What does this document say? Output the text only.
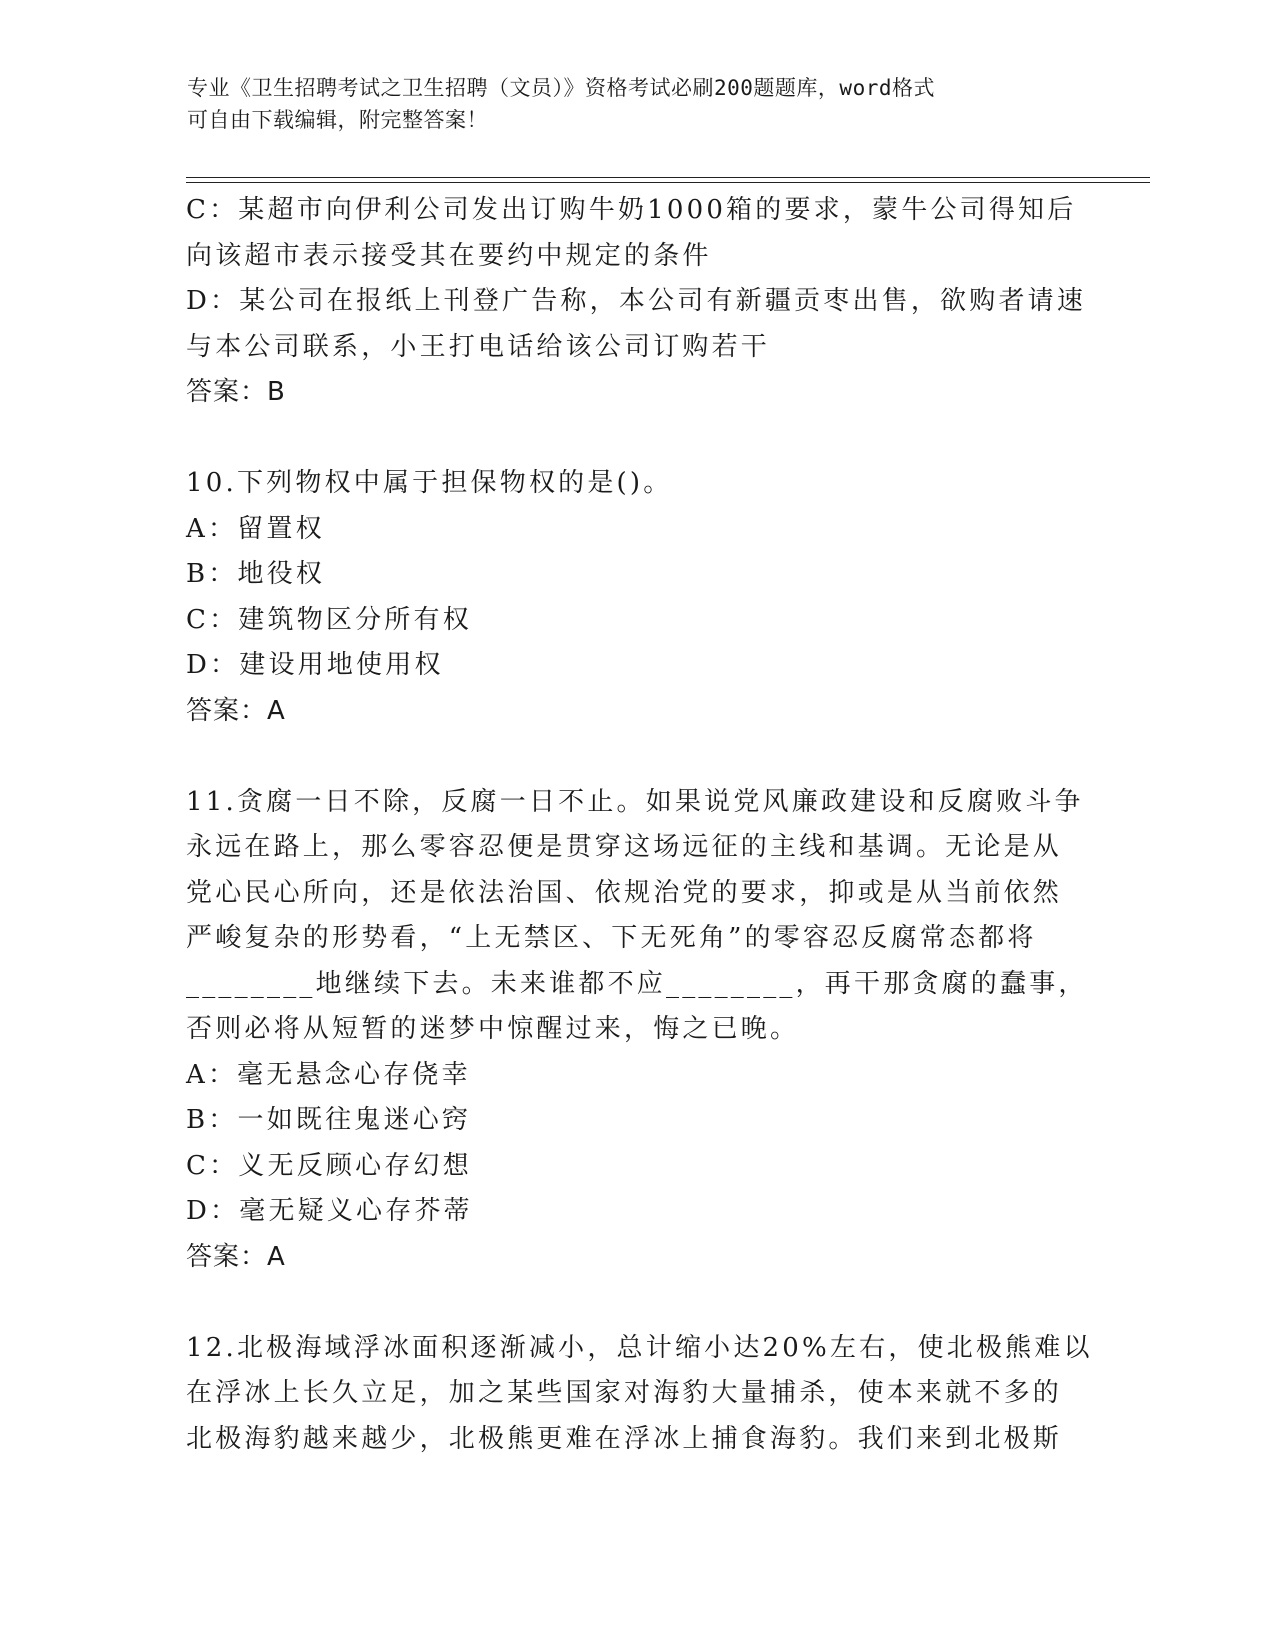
专业《卫生招聘考试之卫生招聘（文员）》资格考试必刷200题题库，word格式
可自由下载编辑，附完整答案！
C：某超市向伊利公司发出订购牛奶1000箱的要求，蒙牛公司得知后
向该超市表示接受其在要约中规定的条件
D：某公司在报纸上刊登广告称，本公司有新疆贡枣出售，欲购者请速
与本公司联系，小王打电话给该公司订购若干
答案：B
10.下列物权中属于担保物权的是()。
A：留置权
B：地役权
C：建筑物区分所有权
D：建设用地使用权
答案：A
11.贪腐一日不除，反腐一日不止。如果说党风廉政建设和反腐败斗争
永远在路上，那么零容忍便是贯穿这场远征的主线和基调。无论是从
党心民心所向，还是依法治国、依规治党的要求，抑或是从当前依然
严峻复杂的形势看，“上无禁区、下无死角”的零容忍反腐常态都将
________地继续下去。未来谁都不应________，再干那贪腐的蠢事，
否则必将从短暂的迷梦中惊醒过来，悔之已晚。
A：毫无悬念心存侥幸
B：一如既往鬼迷心窍
C：义无反顾心存幻想
D：毫无疑义心存芥蒂
答案：A
12.北极海域浮冰面积逐渐减小，总计缩小达20%左右，使北极熊难以
在浮冰上长久立足，加之某些国家对海豹大量捕杀，使本来就不多的
北极海豹越来越少，北极熊更难在浮冰上捕食海豹。我们来到北极斯
